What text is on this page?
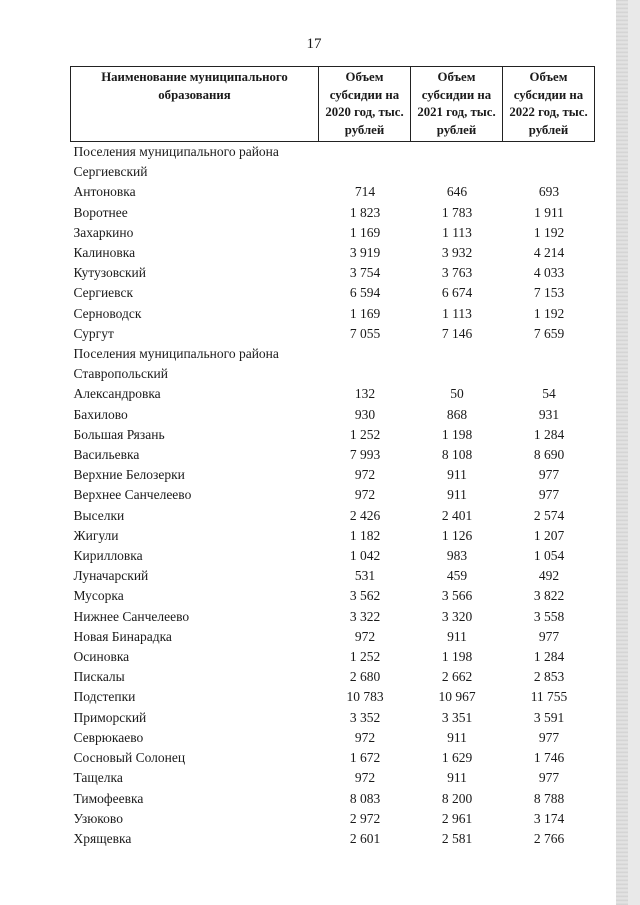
17
Наименование муниципального образования	Объем субсидии на 2020 год, тыс. рублей	Объем субсидии на 2021 год, тыс. рублей	Объем субсидии на 2022 год, тыс. рублей
Поселения муниципального района Сергиевский			
Антоновка	714	646	693
Воротнее	1 823	1 783	1 911
Захаркино	1 169	1 113	1 192
Калиновка	3 919	3 932	4 214
Кутузовский	3 754	3 763	4 033
Сергиевск	6 594	6 674	7 153
Серноводск	1 169	1 113	1 192
Сургут	7 055	7 146	7 659
Поселения муниципального района Ставропольский			
Александровка	132	50	54
Бахилово	930	868	931
Большая Рязань	1 252	1 198	1 284
Васильевка	7 993	8 108	8 690
Верхние Белозерки	972	911	977
Верхнее Санчелеево	972	911	977
Выселки	2 426	2 401	2 574
Жигули	1 182	1 126	1 207
Кирилловка	1 042	983	1 054
Луначарский	531	459	492
Мусорка	3 562	3 566	3 822
Нижнее Санчелеево	3 322	3 320	3 558
Новая Бинарадка	972	911	977
Осиновка	1 252	1 198	1 284
Пискалы	2 680	2 662	2 853
Подстепки	10 783	10 967	11 755
Приморский	3 352	3 351	3 591
Севрюкаево	972	911	977
Сосновый Солонец	1 672	1 629	1 746
Тащелка	972	911	977
Тимофеевка	8 083	8 200	8 788
Узюково	2 972	2 961	3 174
Хрящевка	2 601	2 581	2 766
